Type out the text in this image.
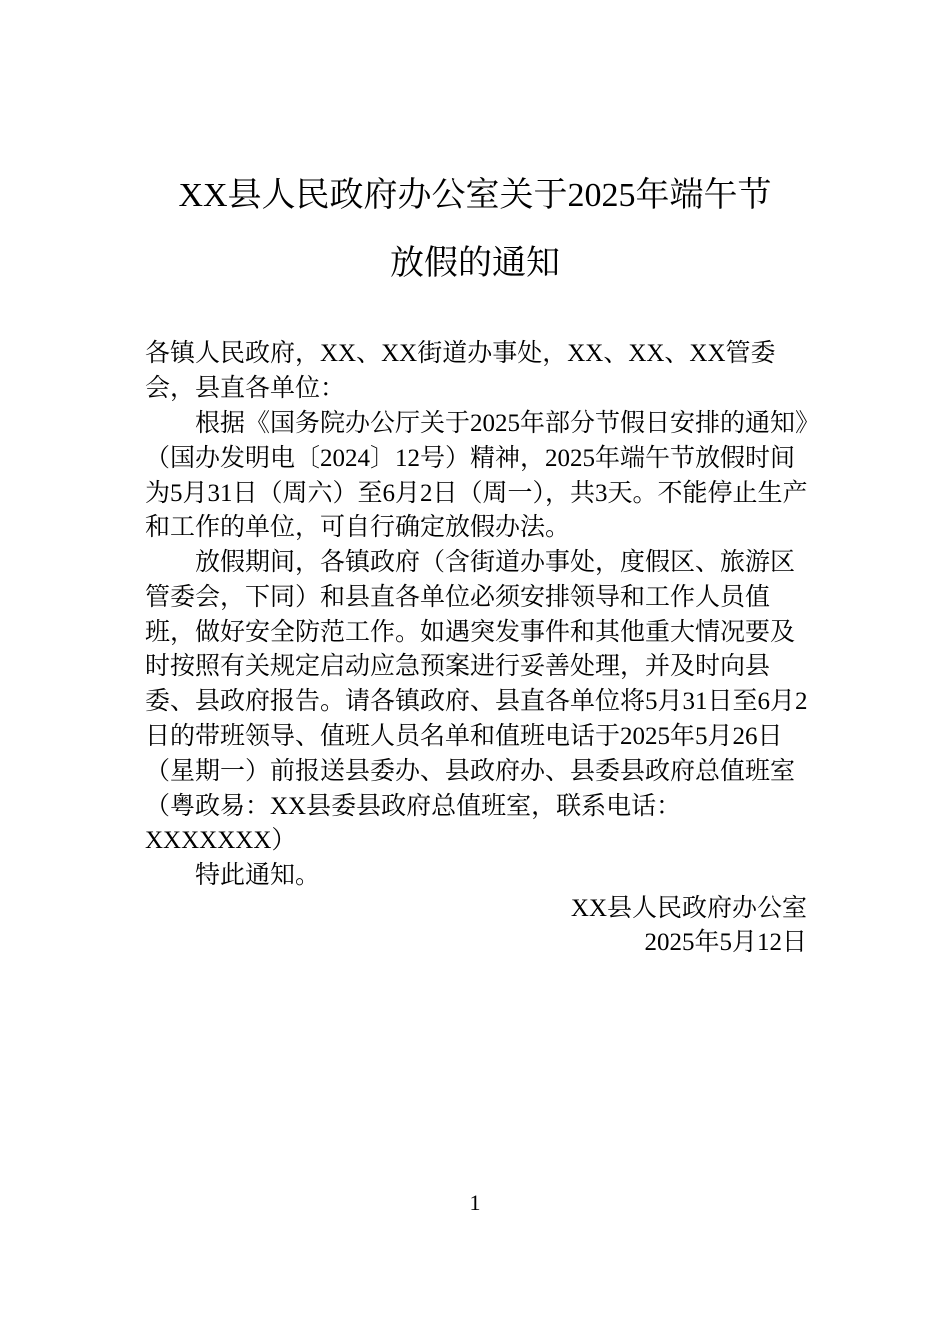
XX县人民政府办公室关于2025年端午节
放假的通知

各镇人民政府，XX、XX街道办事处，XX、XX、XX管委会，县直各单位：

根据《国务院办公厅关于2025年部分节假日安排的通知》（国办发明电〔2024〕12号）精神，2025年端午节放假时间为5月31日（周六）至6月2日（周一），共3天。不能停止生产和工作的单位，可自行确定放假办法。

放假期间，各镇政府（含街道办事处，度假区、旅游区管委会，下同）和县直各单位必须安排领导和工作人员值班，做好安全防范工作。如遇突发事件和其他重大情况要及时按照有关规定启动应急预案进行妥善处理，并及时向县委、县政府报告。请各镇政府、县直各单位将5月31日至6月2日的带班领导、值班人员名单和值班电话于2025年5月26日（星期一）前报送县委办、县政府办、县委县政府总值班室（粤政易：XX县委县政府总值班室，联系电话：XXXXXXX）

特此通知。

XX县人民政府办公室
2025年5月12日
1
